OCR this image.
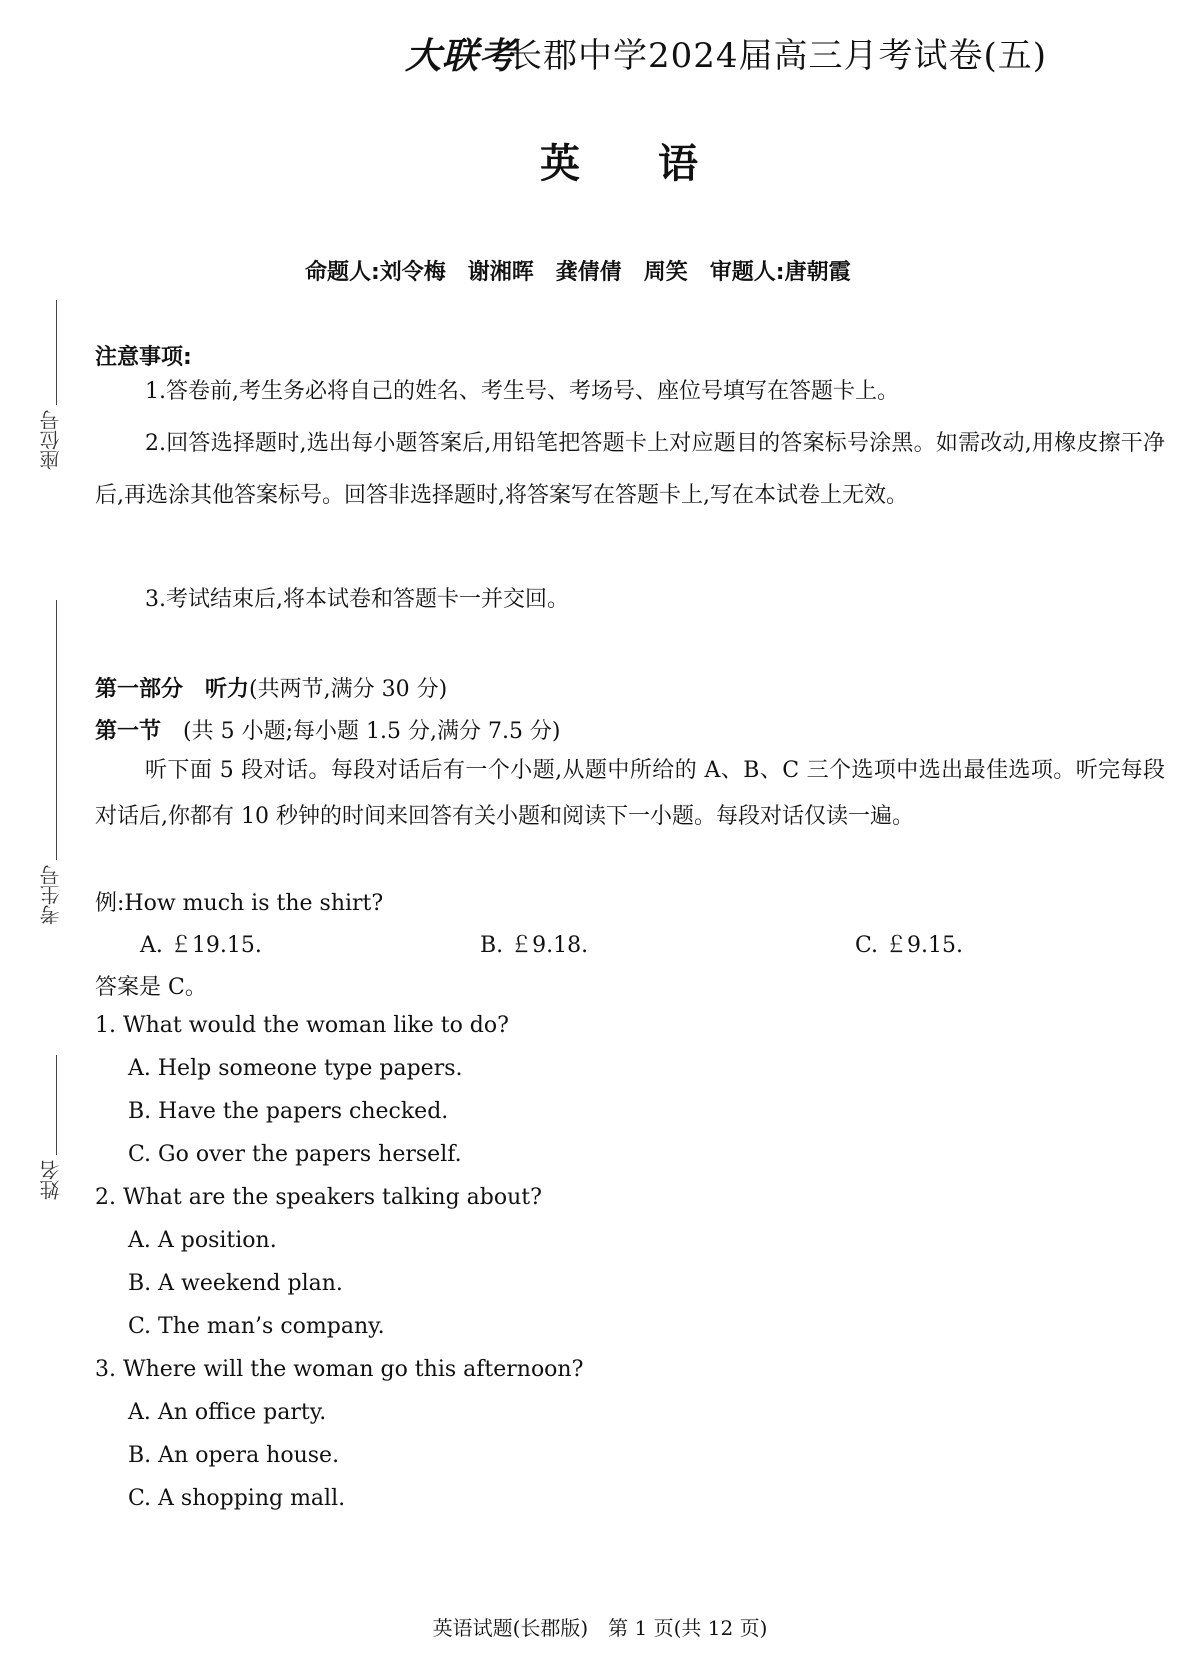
座位号
考生号
姓名
大联考
长郡中学2024届高三月考试卷(五)
英语
命题人:刘令梅　谢湘晖　龚倩倩　周笑　审题人:唐朝霞
注意事项:
1.答卷前,考生务必将自己的姓名、考生号、考场号、座位号填写在答题卡上。
2.回答选择题时,选出每小题答案后,用铅笔把答题卡上对应题目的答案标号涂黑。如需改动,用橡皮擦干净后,再选涂其他答案标号。回答非选择题时,将答案写在答题卡上,写在本试卷上无效。
3.考试结束后,将本试卷和答题卡一并交回。
第一部分　听力(共两节,满分 30 分)
第一节　(共 5 小题;每小题 1.5 分,满分 7.5 分)
听下面 5 段对话。每段对话后有一个小题,从题中所给的 A、B、C 三个选项中选出最佳选项。听完每段对话后,你都有 10 秒钟的时间来回答有关小题和阅读下一小题。每段对话仅读一遍。
例:How much is the shirt?
A. ￡19.15.	B. ￡9.18.	C. ￡9.15.
答案是 C。
1. What would the woman like to do?
A. Help someone type papers.
B. Have the papers checked.
C. Go over the papers herself.
2. What are the speakers talking about?
A. A position.
B. A weekend plan.
C. The man’s company.
3. Where will the woman go this afternoon?
A. An office party.
B. An opera house.
C. A shopping mall.
英语试题(长郡版)　第 1 页(共 12 页)
